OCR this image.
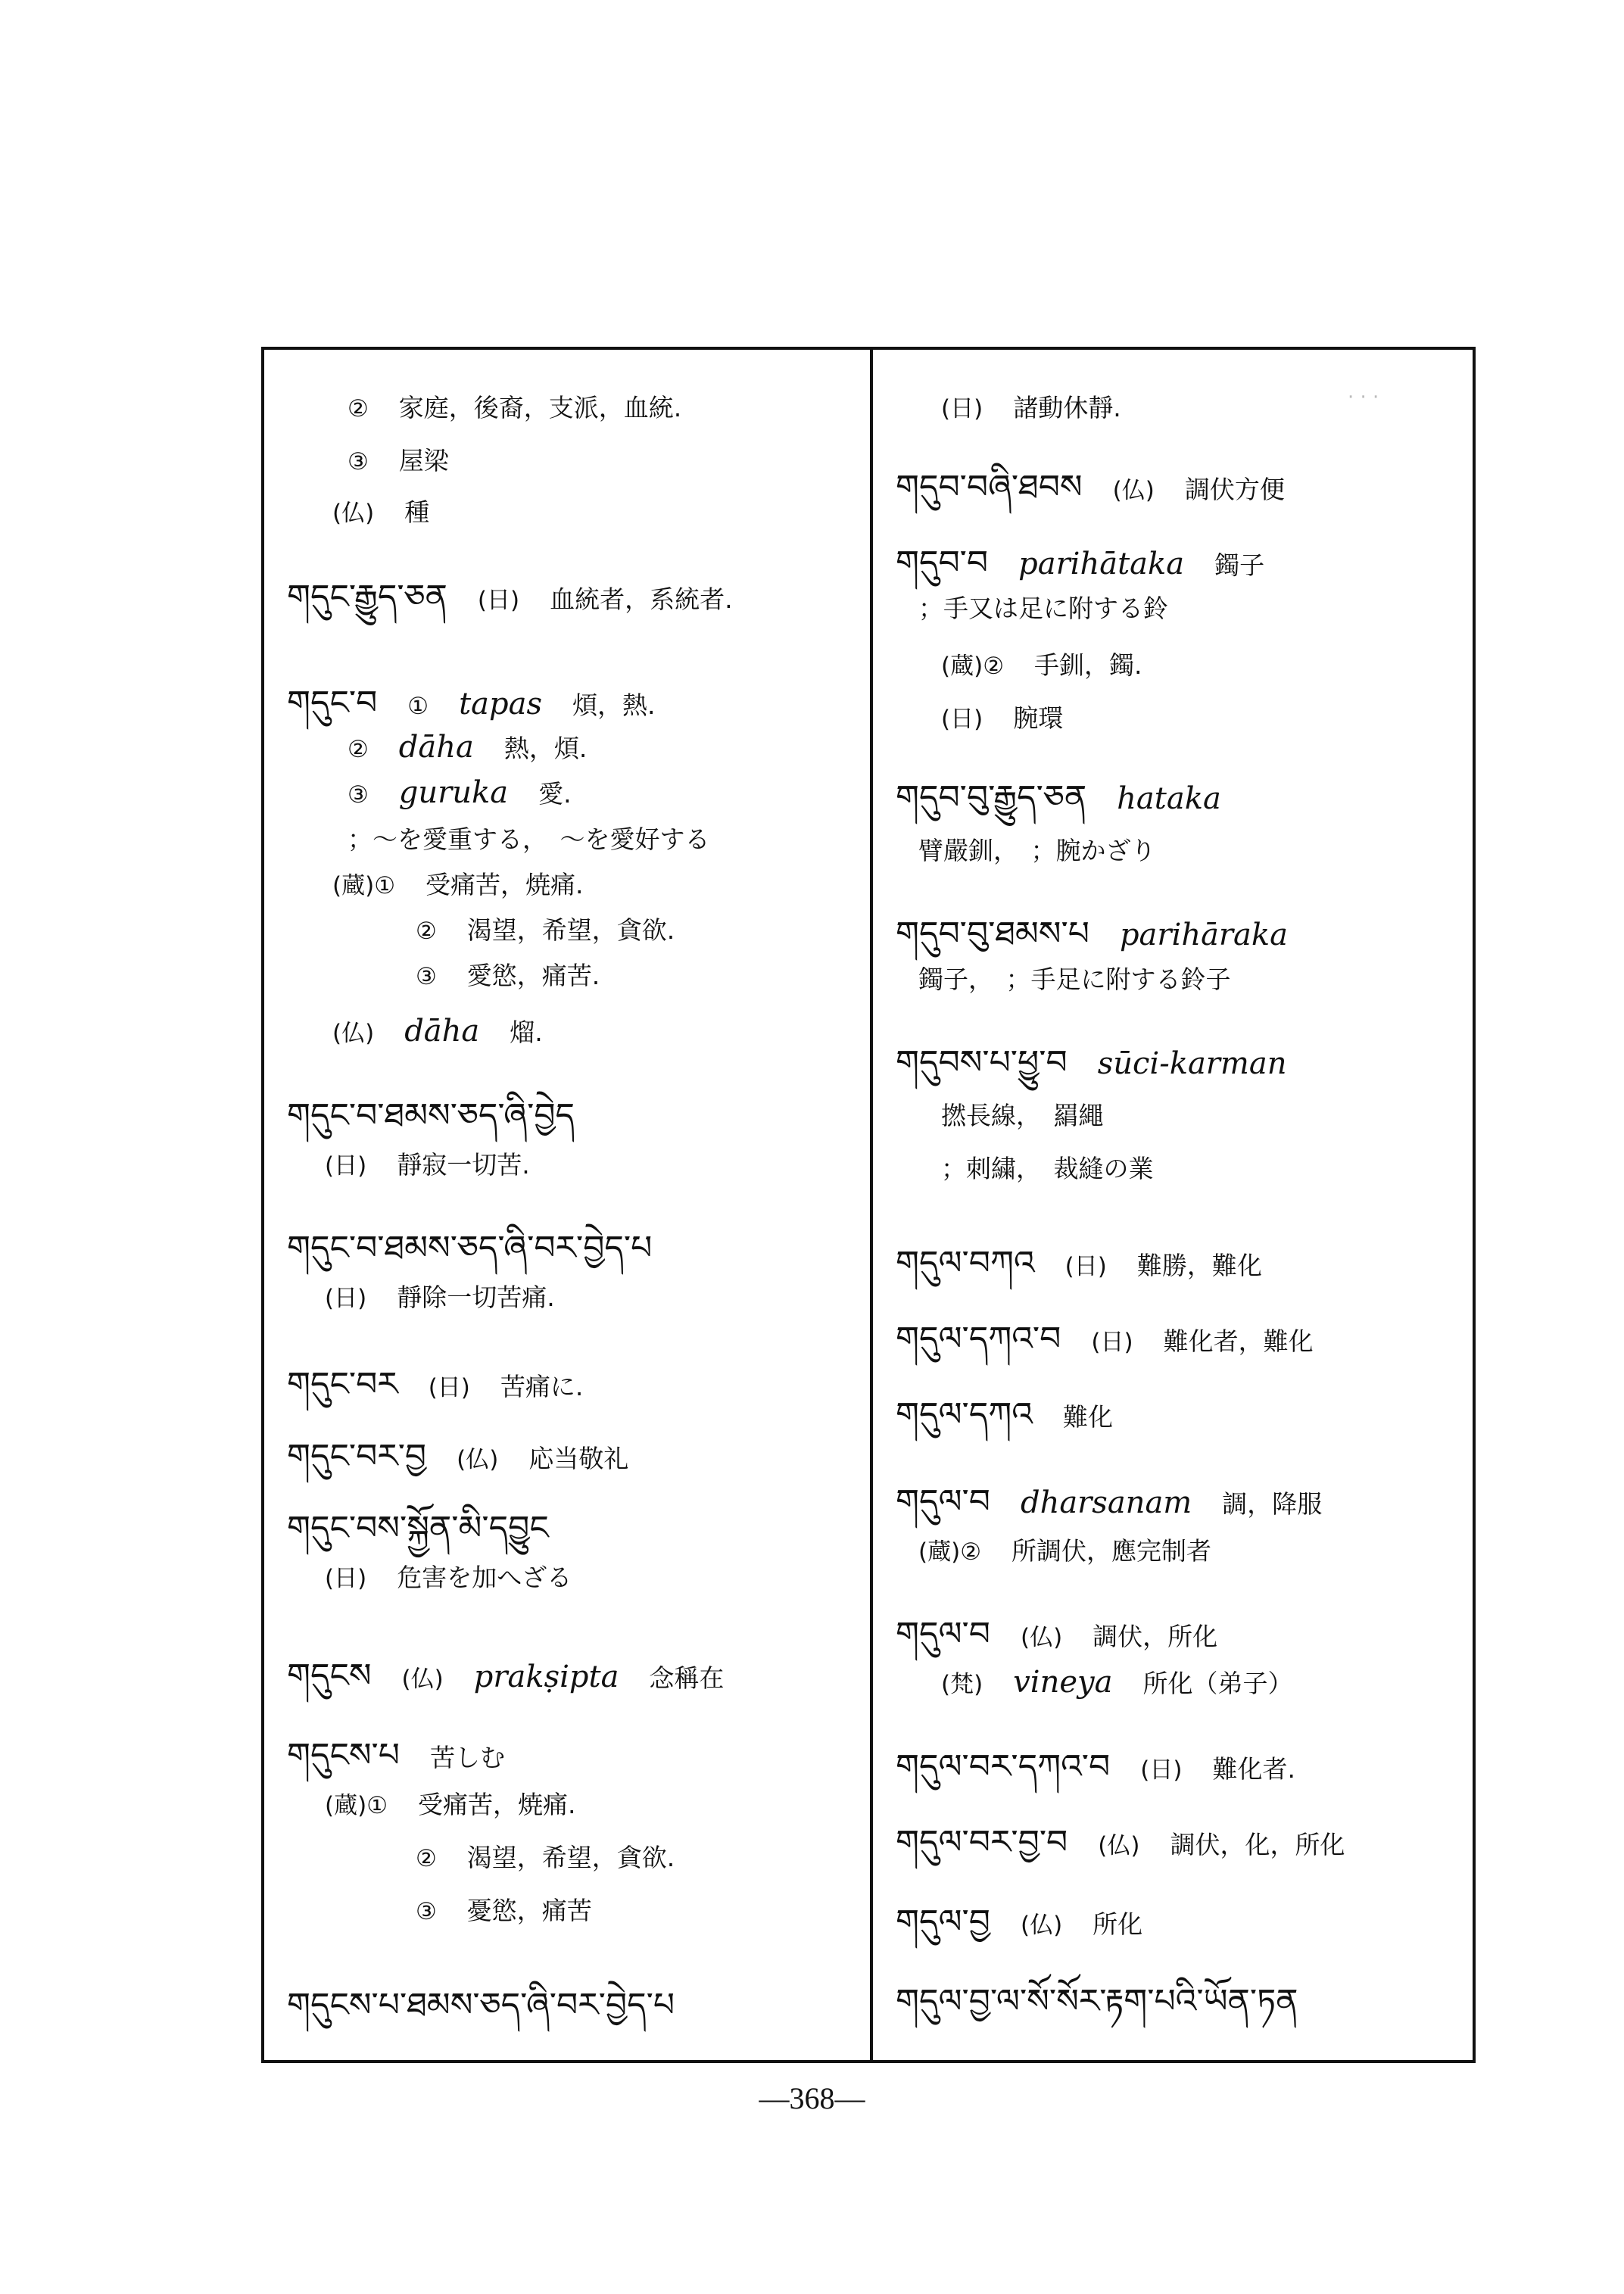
② 家庭，後裔，支派，血統.
③ 屋梁
(仏) 種
གདུང་རྒྱུད་ཅན (日) 血統者，系統者.
གདུང་བ ① tapas 煩，熱.
② dāha 熱，煩.
③ guruka 愛.
；〜を愛重する，　〜を愛好する
(蔵)① 受痛苦，焼痛.
② 渴望，希望，貪欲.
③ 愛慾，痛苦.
(仏) dāha 熘.
གདུང་བ་ཐམས་ཅད་ཞི་བྱེད
(日) 靜寂一切苦.
གདུང་བ་ཐམས་ཅད་ཞི་བར་བྱེད་པ
(日) 靜除一切苦痛.
གདུང་བར (日) 苦痛に.
གདུང་བར་བྱ (仏) 応当敬礼
གདུང་བས་སྐྱོན་མི་དབྱུང
(日) 危害を加へざる
གདུངས (仏) prakṣipta 念稱在
གདུངས་པ 苦しむ
(蔵)① 受痛苦，焼痛.
② 渴望，希望，貪欲.
③ 憂慾，痛苦
གདུངས་པ་ཐམས་ཅད་ཞི་བར་བྱེད་པ
(日) 諸動休靜.
གདུབ་བཞི་ཐབས (仏) 調伏方便
གདུབ་བ parihātaka 鐲子
；手又は足に附する鈴
(蔵)② 手釧，鐲.
(日) 腕環
གདུབ་བུ་རྒྱུད་ཅན hataka
臂嚴釧，　；腕かざり
གདུབ་བུ་ཐམས་པ parihāraka
鐲子，　；手足に附する鈴子
གདུབས་པ་ཕྱུ་བ sūci-karman
撚長線，　羂繩
；刺繍，　裁縫の業
གདུལ་བཀའ (日) 難勝，難化
གདུལ་དཀའ་བ (日) 難化者，難化
གདུལ་དཀའ 難化
གདུལ་བ dharsanam 調，降服
(蔵)② 所調伏，應完制者
གདུལ་བ (仏) 調伏，所化
(梵) vineya 所化（弟子）
གདུལ་བར་དཀའ་བ (日) 難化者.
གདུལ་བར་བྱ་བ (仏) 調伏，化，所化
གདུལ་བྱ (仏) 所化
གདུལ་བྱ་ལ་སོ་སོར་རྟག་པའི་ཡོན་ཏན
—368—
· · ·
